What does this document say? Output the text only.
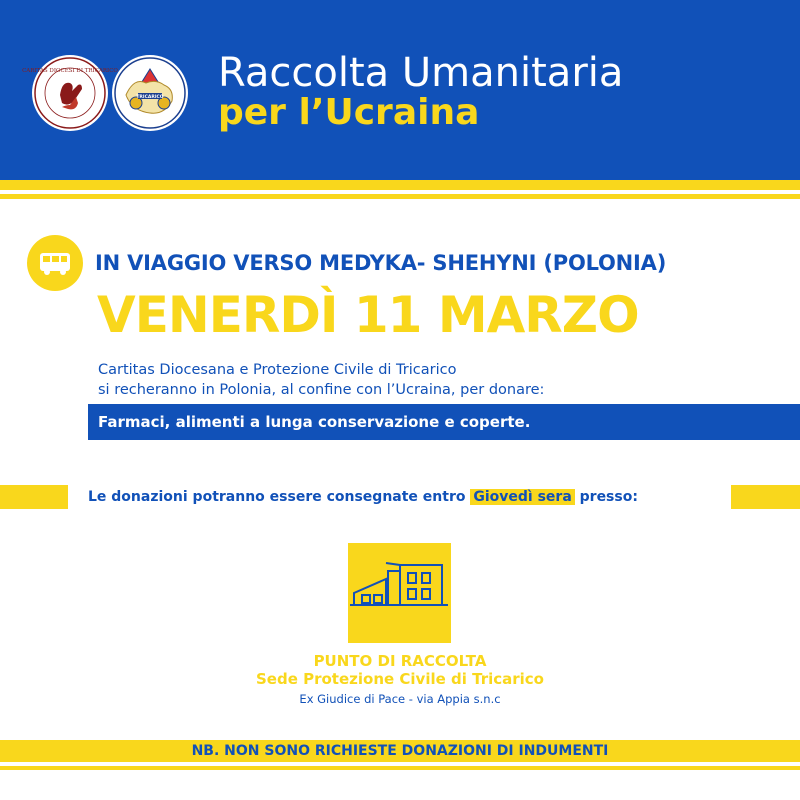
CARITAS DIOCESI DI TRICARICO
TRICARICO
Raccolta Umanitaria
per l’Ucraina
IN VIAGGIO VERSO MEDYKA- SHEHYNI (POLONIA)
VENERDÌ 11 MARZO
Cartitas Diocesana e Protezione Civile di Tricarico
si recheranno in Polonia, al confine con l’Ucraina, per donare:
Farmaci, alimenti a lunga conservazione e coperte.
Le donazioni potranno essere consegnate entro Giovedì sera presso:
PUNTO DI RACCOLTA
Sede Protezione Civile di Tricarico
Ex Giudice di Pace - via Appia s.n.c
NB. NON SONO RICHIESTE DONAZIONI DI INDUMENTI
